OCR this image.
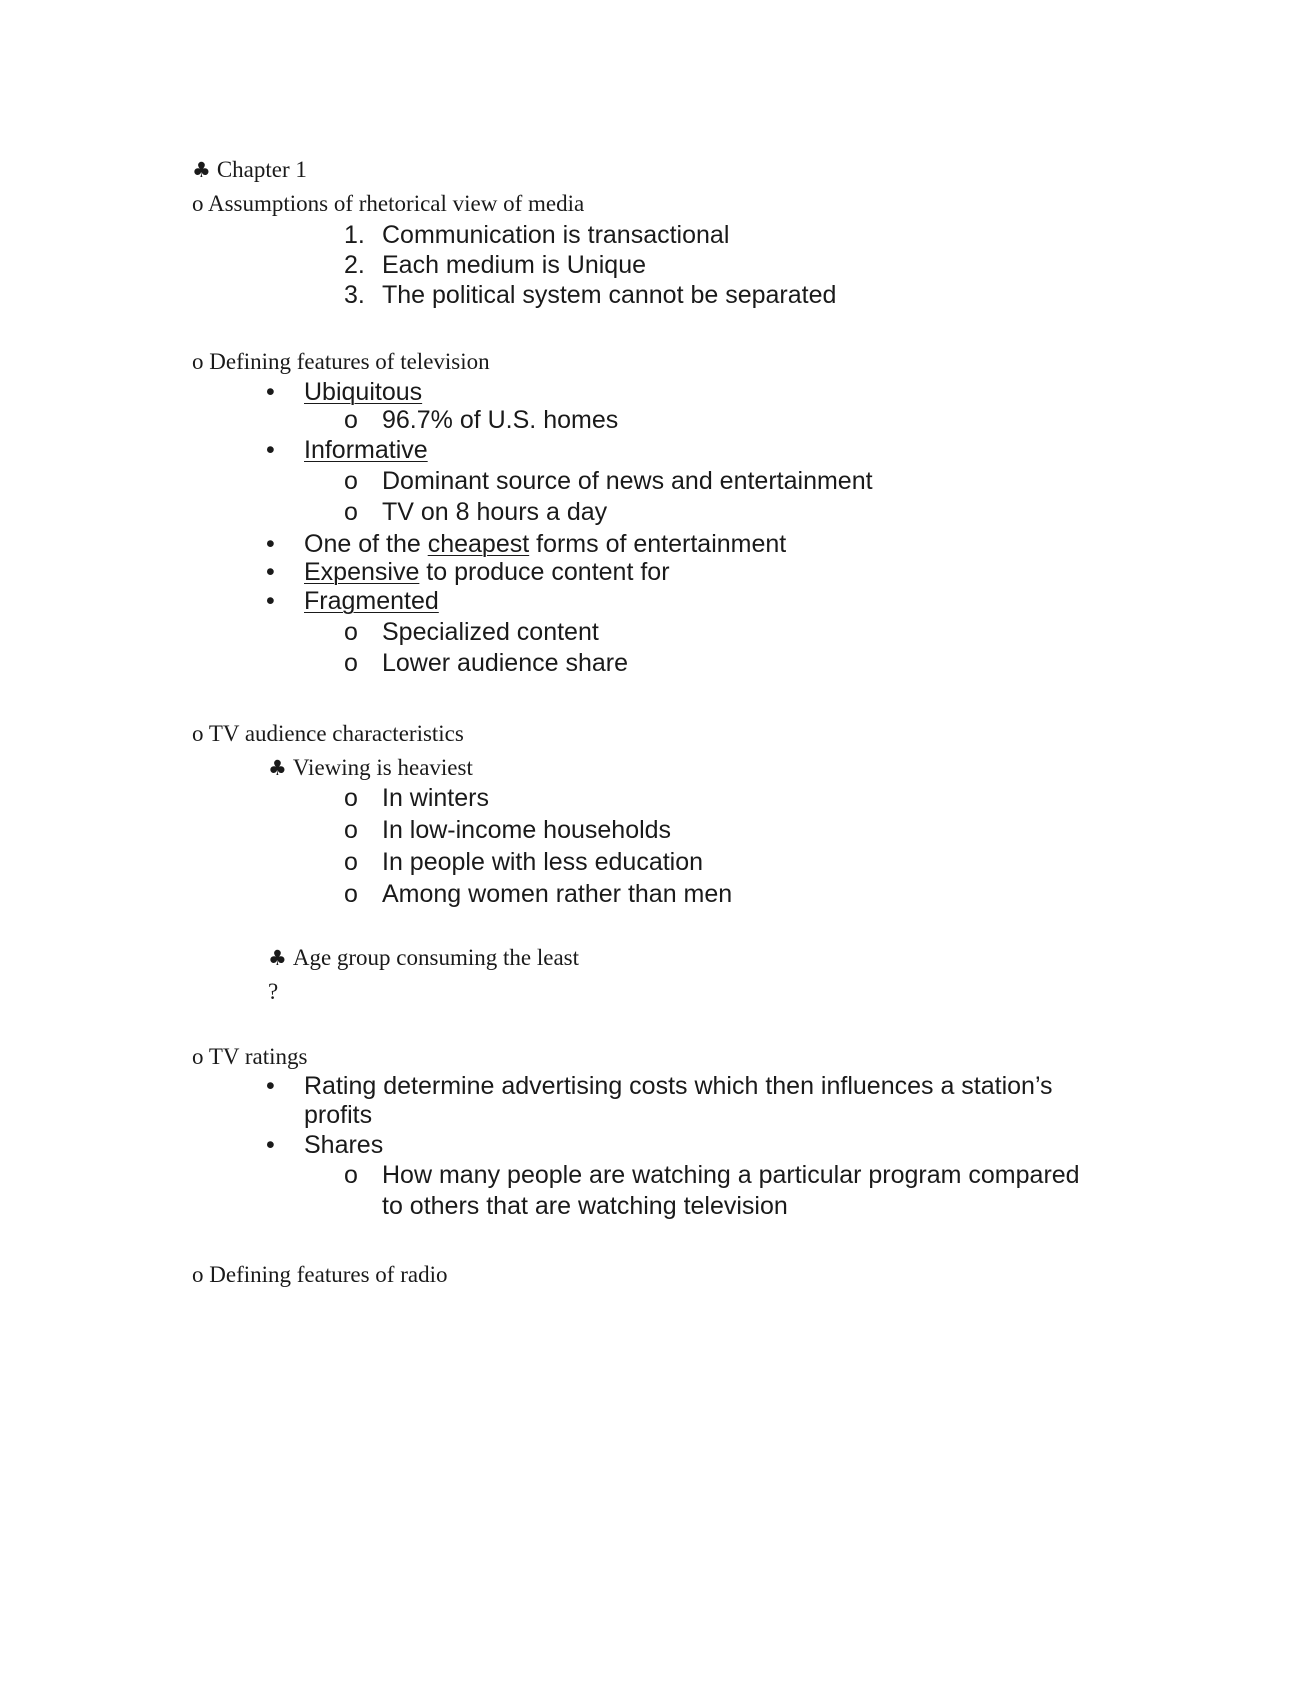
♣ Chapter 1
o Assumptions of rhetorical view of media
1. Communication is transactional
2. Each medium is Unique
3. The political system cannot be separated
o Defining features of television
• Ubiquitous
o 96.7% of U.S. homes
• Informative
o Dominant source of news and entertainment
o TV on 8 hours a day
• One of the cheapest forms of entertainment
• Expensive to produce content for
• Fragmented
o Specialized content
o Lower audience share
o TV audience characteristics
♣ Viewing is heaviest
o In winters
o In low-income households
o In people with less education
o Among women rather than men
♣ Age group consuming the least
?
o TV ratings
• Rating determine advertising costs which then influences a station’s
profits
• Shares
o How many people are watching a particular program compared
to others that are watching television
o Defining features of radio
